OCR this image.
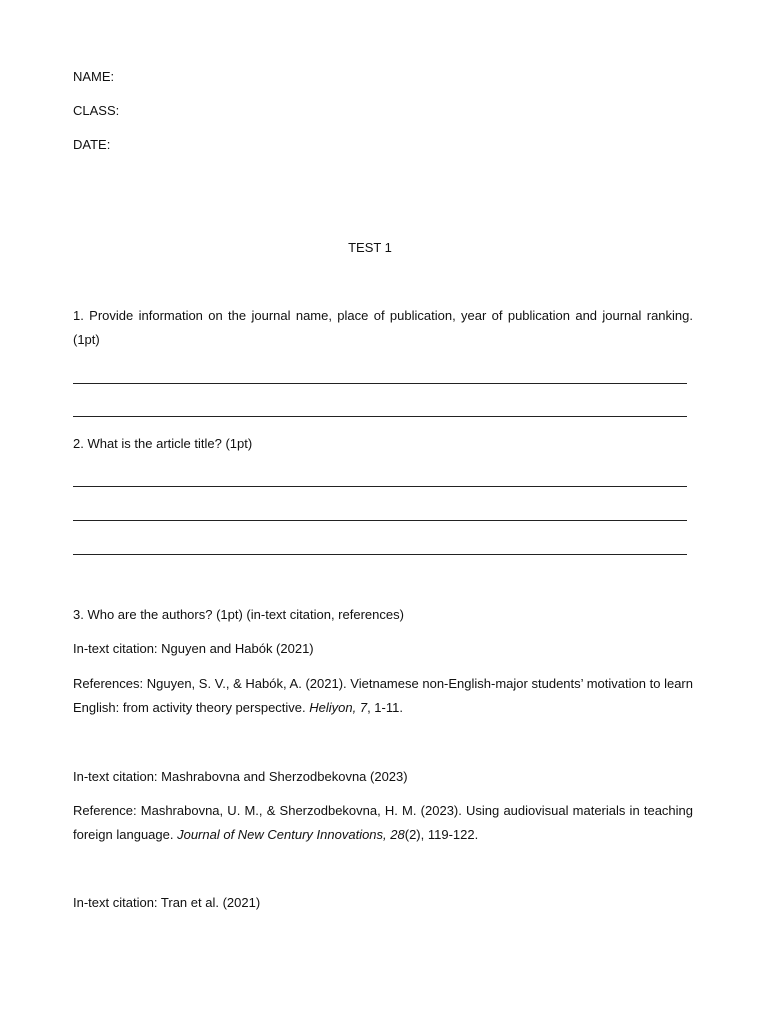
NAME:
CLASS:
DATE:
TEST 1
1. Provide information on the journal name, place of publication, year of publication and journal ranking. (1pt)
2. What is the article title? (1pt)
3. Who are the authors? (1pt) (in-text citation, references)
In-text citation: Nguyen and Habók (2021)
References: Nguyen, S. V., & Habók, A. (2021). Vietnamese non-English-major students’ motivation to learn English: from activity theory perspective. Heliyon, 7, 1-11.
In-text citation: Mashrabovna and Sherzodbekovna (2023)
Reference: Mashrabovna, U. M., & Sherzodbekovna, H. M. (2023). Using audiovisual materials in teaching foreign language. Journal of New Century Innovations, 28(2), 119-122.
In-text citation: Tran et al. (2021)
